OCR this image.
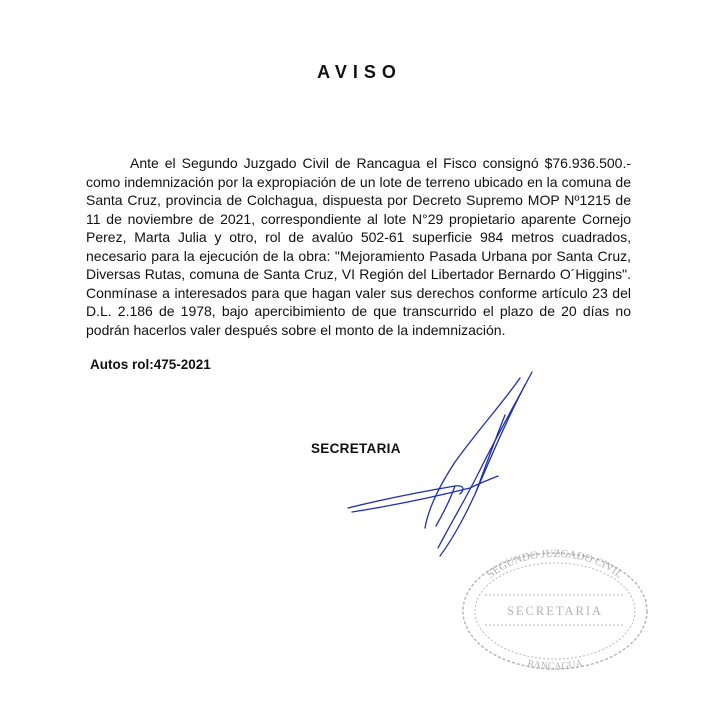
AVISO

Ante el Segundo Juzgado Civil de Rancagua el Fisco consignó $76.936.500.- como indemnización por la expropiación de un lote de terreno ubicado en la comuna de Santa Cruz, provincia de Colchagua, dispuesta por Decreto Supremo MOP Nº1215 de 11 de noviembre de 2021, correspondiente al lote N°29 propietario aparente Cornejo Perez, Marta Julia y otro, rol de avalúo 502-61 superficie 984 metros cuadrados, necesario para la ejecución de la obra: "Mejoramiento Pasada Urbana por Santa Cruz, Diversas Rutas, comuna de Santa Cruz, VI Región del Libertador Bernardo O´Higgins". Conmínase a interesados para que hagan valer sus derechos conforme artículo 23 del D.L. 2.186 de 1978, bajo apercibimiento de que transcurrido el plazo de 20 días no podrán hacerlos valer después sobre el monto de la indemnización.

Autos rol:475-2021
SECRETARIA
SEGUNDO JUZGADO CIVIL
SECRETARIA
RANCAGUA
